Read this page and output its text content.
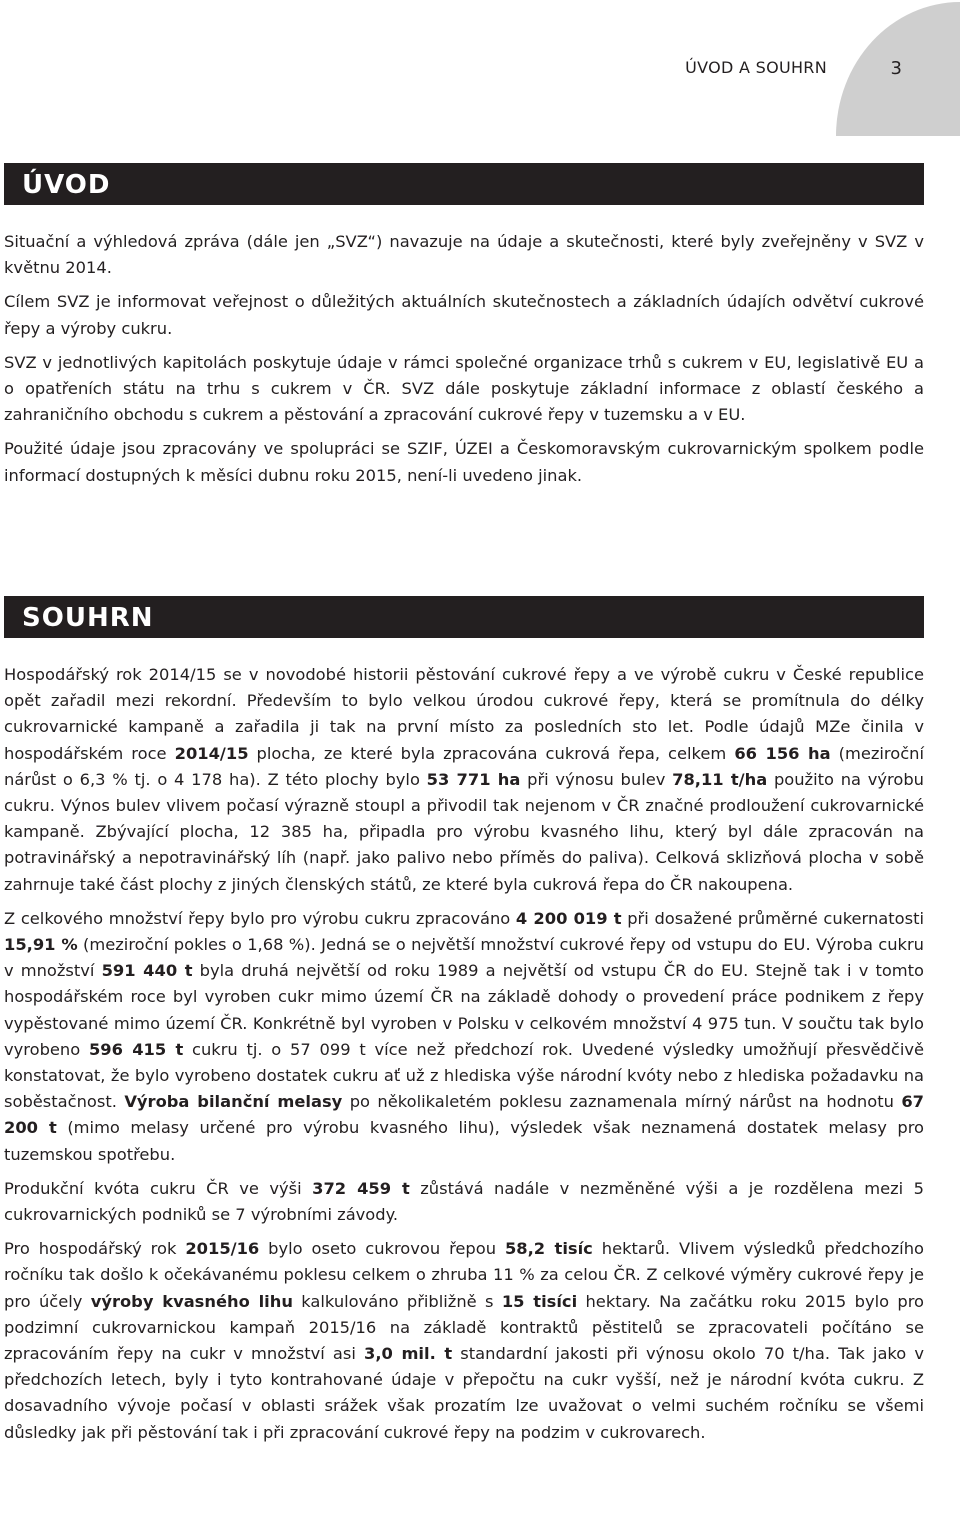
ÚVOD A SOUHRN	3
ÚVOD

Situační a výhledová zpráva (dále jen „SVZ“) navazuje na údaje a skutečnosti, které byly zveřejněny v SVZ v květnu 2014.

Cílem SVZ je informovat veřejnost o důležitých aktuálních skutečnostech a základních údajích odvětví cukrové řepy a výroby cukru.

SVZ v jednotlivých kapitolách poskytuje údaje v rámci společné organizace trhů s cukrem v EU, legislativě EU a o opatřeních státu na trhu s cukrem v ČR. SVZ dále poskytuje základní informace z oblastí českého a zahraničního obchodu s cukrem a pěstování a zpracování cukrové řepy v tuzemsku a v EU.

Použité údaje jsou zpracovány ve spolupráci se SZIF, ÚZEI a Českomoravským cukrovarnickým spolkem podle informací dostupných k měsíci dubnu roku 2015, není-li uvedeno jinak.

SOUHRN

Hospodářský rok 2014/15 se v novodobé historii pěstování cukrové řepy a ve výrobě cukru v České republice opět zařadil mezi rekordní. Především to bylo velkou úrodou cukrové řepy, která se promítnula do délky cukrovarnické kampaně a zařadila ji tak na první místo za posledních sto let. Podle údajů MZe činila v hospodářském roce 2014/15 plocha, ze které byla zpracována cukrová řepa, celkem 66 156 ha (meziroční nárůst o 6,3 % tj. o 4 178 ha). Z této plochy bylo 53 771 ha při výnosu bulev 78,11 t/ha použito na výrobu cukru. Výnos bulev vlivem počasí výrazně stoupl a přivodil tak nejenom v ČR značné prodloužení cukrovarnické kampaně. Zbývající plocha, 12 385 ha, připadla pro výrobu kvasného lihu, který byl dále zpracován na potravinářský a nepotravinářský líh (např. jako palivo nebo příměs do paliva). Celková sklizňová plocha v sobě zahrnuje také část plochy z jiných členských států, ze které byla cukrová řepa do ČR nakoupena.

Z celkového množství řepy bylo pro výrobu cukru zpracováno 4 200 019 t při dosažené průměrné cukernatosti 15,91 % (meziroční pokles o 1,68 %). Jedná se o největší množství cukrové řepy od vstupu do EU. Výroba cukru v množství 591 440 t byla druhá největší od roku 1989 a největší od vstupu ČR do EU. Stejně tak i v tomto hospodářském roce byl vyroben cukr mimo území ČR na základě dohody o provedení práce podnikem z řepy vypěstované mimo území ČR. Konkrétně byl vyroben v Polsku v celkovém množství 4 975 tun. V součtu tak bylo vyrobeno 596 415 t cukru tj. o 57 099 t více než předchozí rok. Uvedené výsledky umožňují přesvědčivě konstatovat, že bylo vyrobeno dostatek cukru ať už z hlediska výše národní kvóty nebo z hlediska požadavku na soběstačnost. Výroba bilanční melasy po několikaletém poklesu zaznamenala mírný nárůst na hodnotu 67 200 t (mimo melasy určené pro výrobu kvasného lihu), výsledek však neznamená dostatek melasy pro tuzemskou spotřebu.

Produkční kvóta cukru ČR ve výši 372 459 t zůstává nadále v nezměněné výši a je rozdělena mezi 5 cukrovarnických podniků se 7 výrobními závody.

Pro hospodářský rok 2015/16 bylo oseto cukrovou řepou 58,2 tisíc hektarů. Vlivem výsledků předchozího ročníku tak došlo k očekávanému poklesu celkem o zhruba 11 % za celou ČR. Z celkové výměry cukrové řepy je pro účely výroby kvasného lihu kalkulováno přibližně s 15 tisíci hektary. Na začátku roku 2015 bylo pro podzimní cukrovarnickou kampaň 2015/16 na základě kontraktů pěstitelů se zpracovateli počítáno se zpracováním řepy na cukr v množství asi 3,0 mil. t standardní jakosti při výnosu okolo 70 t/ha. Tak jako v předchozích letech, byly i tyto kontrahované údaje v přepočtu na cukr vyšší, než je národní kvóta cukru. Z dosavadního vývoje počasí v oblasti srážek však prozatím lze uvažovat o velmi suchém ročníku se všemi důsledky jak při pěstování tak i při zpracování cukrové řepy na podzim v cukrovarech.
